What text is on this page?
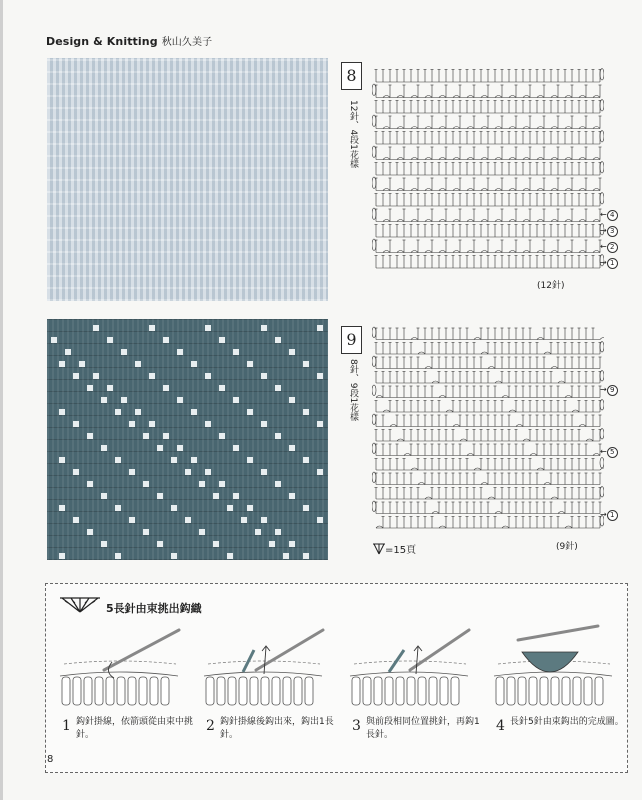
Design & Knitting 秋山久美子
8
12針、4段1花樣
9
8針、9段1花樣
← 4
→ 3
← 2
→ 1
(12針)
→ 9
← 5
→ 1
(9針)
=15頁
5長針由束挑出鈎織
1 鈎針掛線，依箭頭從由束中挑針。
2 鈎針掛線後鈎出來，鈎出1長針。
3 與前段相同位置挑針，再鈎1長針。
4 長針5針由束鈎出的完成圖。
8
